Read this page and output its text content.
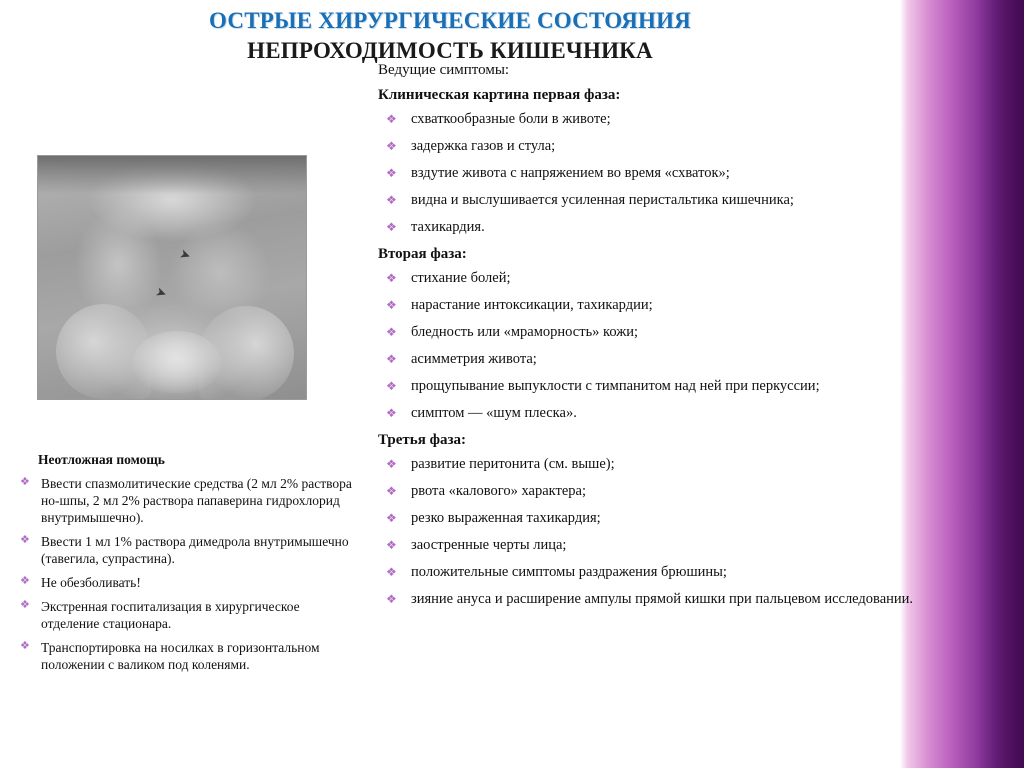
ОСТРЫЕ ХИРУРГИЧЕСКИЕ СОСТОЯНИЯ
НЕПРОХОДИМОСТЬ КИШЕЧНИКА
➤
➤
Неотложная помощь
❖ Ввести спазмолитические средства (2 мл 2% раствора но-шпы, 2 мл 2% раствора папаверина гидрохлорид внутримышечно).
❖ Ввести 1 мл 1% раствора димедрола внутримышечно (тавегила, супрастина).
❖ Не обезболивать!
❖ Экстренная госпитализация в хирургическое отделение стационара.
❖ Транспортировка на носилках в горизонтальном положении с валиком под коленями.
Ведущие симптомы:
Клиническая картина первая фаза:
❖ схваткообразные боли в животе;
❖ задержка газов и стула;
❖ вздутие живота с напряжением во время «схваток»;
❖ видна и выслушивается усиленная перистальтика кишечника;
❖ тахикардия.
Вторая фаза:
❖ стихание болей;
❖ нарастание интоксикации, тахикардии;
❖ бледность или «мраморность» кожи;
❖ асимметрия живота;
❖ прощупывание выпуклости с тимпанитом над ней при перкуссии;
❖ симптом — «шум плеска».
Третья фаза:
❖ развитие перитонита (см. выше);
❖ рвота «калового» характера;
❖ резко выраженная тахикардия;
❖ заостренные черты лица;
❖ положительные симптомы раздражения брюшины;
❖ зияние ануса и расширение ампулы прямой кишки при пальцевом исследовании.
